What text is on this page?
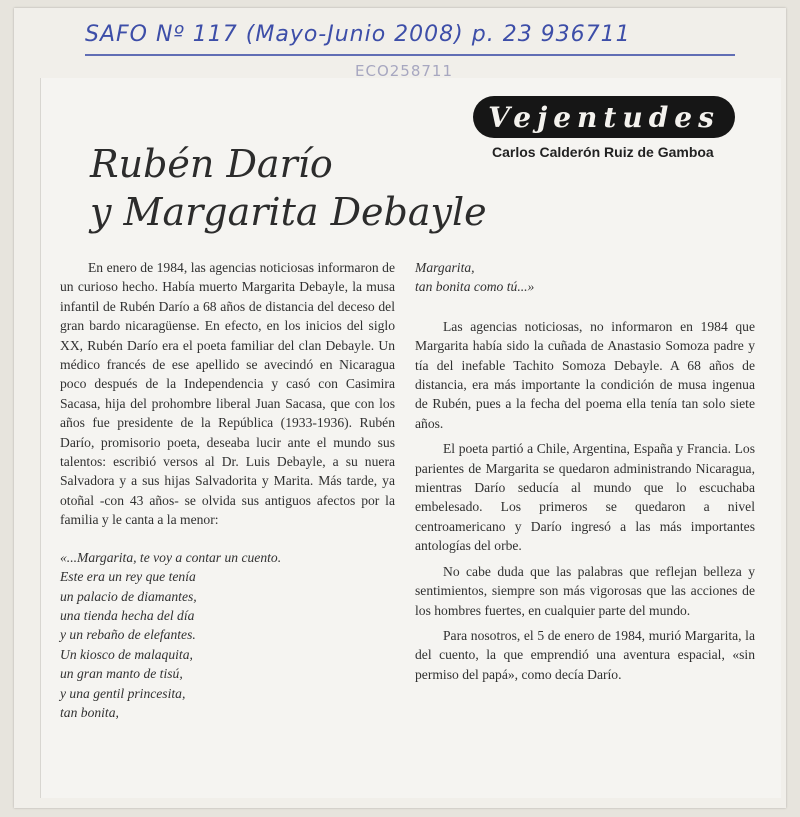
SAFO Nº 117 (Mayo-Junio 2008) p. 23 936711
ECO258711
Vejentudes
Carlos Calderón Ruiz de Gamboa
Rubén Darío
y Margarita Debayle

En enero de 1984, las agencias noticiosas informaron de un curioso hecho. Había muerto Margarita Debayle, la musa infantil de Rubén Darío a 68 años de distancia del deceso del gran bardo nicaragüense. En efecto, en los inicios del siglo XX, Rubén Darío era el poeta familiar del clan Debayle. Un médico francés de ese apellido se avecindó en Nicaragua poco después de la Independencia y casó con Casimira Sacasa, hija del prohombre liberal Juan Sacasa, que con los años fue presidente de la República (1933-1936). Rubén Darío, promisorio poeta, deseaba lucir ante el mundo sus talentos: escribió versos al Dr. Luis Debayle, a su nuera Salvadora y a sus hijas Salvadorita y Marita. Más tarde, ya otoñal -con 43 años- se olvida sus antiguos afectos por la familia y le canta a la menor:

«...Margarita, te voy a contar un cuento.
Este era un rey que tenía
un palacio de diamantes,
una tienda hecha del día
y un rebaño de elefantes.
Un kiosco de malaquita,
un gran manto de tisú,
y una gentil princesita,
tan bonita,
Margarita,
tan bonita como tú...»

Las agencias noticiosas, no informaron en 1984 que Margarita había sido la cuñada de Anastasio Somoza padre y tía del inefable Tachito Somoza Debayle. A 68 años de distancia, era más importante la condición de musa ingenua de Rubén, pues a la fecha del poema ella tenía tan solo siete años.

El poeta partió a Chile, Argentina, España y Francia. Los parientes de Margarita se quedaron administrando Nicaragua, mientras Darío seducía al mundo que lo escuchaba embelesado. Los primeros se quedaron a nivel centroamericano y Darío ingresó a las más importantes antologías del orbe.

No cabe duda que las palabras que reflejan belleza y sentimientos, siempre son más vigorosas que las acciones de los hombres fuertes, en cualquier parte del mundo.

Para nosotros, el 5 de enero de 1984, murió Margarita, la del cuento, la que emprendió una aventura espacial, «sin permiso del papá», como decía Darío.
